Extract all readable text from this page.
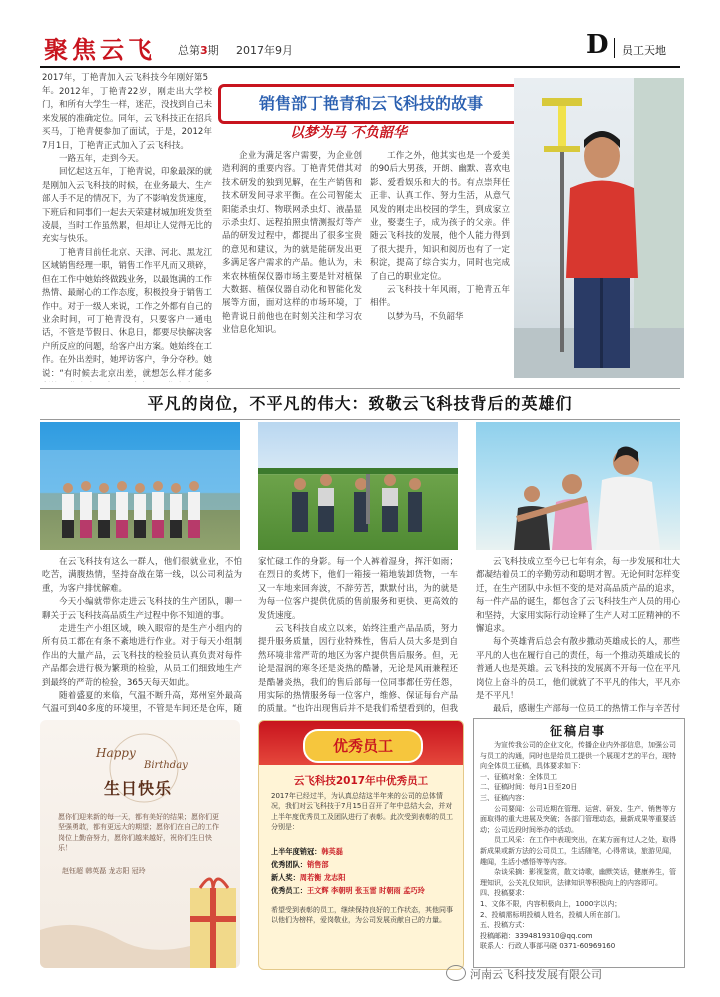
聚焦云飞 总第3期 2017年9月	D 员工天地

2017年，丁艳青加入云飞科技今年刚好第5年。

销售部丁艳青和云飞科技的故事
以梦为马 不负韶华

2012年，丁艳青22岁，刚走出大学校门，和所有大学生一样，迷茫，没找到自己未来发展的准确定位。同年，云飞科技正在招兵买马，丁艳青便参加了面试，于是，2012年7月1日，丁艳青正式加入了云飞科技。

一路五年，走到今天。

回忆起这五年，丁艳青说，印象最深的就是刚加入云飞科技的时候，在业务最大、生产部人手不足的情况下，为了不影响发货速度，下班后和同事们一起去天荣建材城加班发货至凌晨，当时工作虽然累，但却让人觉得无比的充实与快乐。

丁艳青目前任北京、天津、河北、黑龙江区域销售经理一职，销售工作平凡而又琐碎，但在工作中她始终做践业务，以最饱满的工作热情、最耐心的工作态度，积极投身于销售工作中。对于一级人来说，工作之外都有自己的业余时间，可丁艳青没有，只要客户一通电话，不管是节假日、休息日，都要尽快解决客户所反应的问题，给客户出方案。她始终在工作。在外出差时，她坪访客户，争分夺秒。她说：“有时候去北京出差，就想怎么样才能多

企业为满足客户需要，为企业创造利润的重要内容。丁艳青凭借其对技术研发的独到见解，在生产销售和技术研发间寻求平衡。在公司智能太阳能杀虫灯、物联网杀虫灯、液晶显示杀虫灯、远程拍照虫情测报灯等产品的研发过程中，都提出了很多宝贵的意见和建议，为的就是能研发出更多满足客户需求的产品。他认为，未来农林植保仪器市场主要是针对植保大数据、植保仪器自动化和智能化发展等方面，面对这样的市场环境，丁艳青说日前他也在时刻关注和学习农业信息化知识。

工作之外，他其实也是一个爱美的90后大男孩，开朗、幽默、喜欢电影、爱看娱乐和大的书。有点崇拜任正非、认真工作、努力生活，从意气风发的刚走出校园的学生，到成家立业，娶妻生子，成为孩子的父亲。伴随云飞科技的发展，他个人能力得到了很大提升，知识和阅历也有了一定积淀，提高了综合实力，同时也完成了自己的职业定位。

云飞科技十年风雨，丁艳青五年相伴。

以梦为马，不负韶华

平凡的岗位，不平凡的伟大：致敬云飞科技背后的英雄们

在云飞科技有这么一群人，他们很就业业，不怕吃苦，满腹热情，坚持奋战在第一线，以公司利益为重，为客户排忧解难。

今天小编就带你走进云飞科技的生产团队，聊一聊关于云飞科技高品质生产过程中你不知道的事。

走进生产小组区域，映入眼帘的是生产小组内的所有员工都在有条不紊地进行作业。对于每天小组制作出的大量产品，云飞科技的检验员认真负责对每件产品都会进行极为繁琐的检验，从员工们细致地生产到最终的严苛的检验，365天每天如此。

随着盛夏的来临，气温不断升高，郑州室外最高气温可到40多度的环境里，不管是车间还是仓库，随

家忙碌工作的身影。每一个人裤着湿身，挥汗如雨；在烈日的炙烤下，他们一箱接一箱地装卸货物，一车又一车地来回奔波，不辞劳苦，默默付出，为的就是为每一位客户提供优质的售前服务和更快、更高效的发货速度。

云飞科技自成立以来，始终注重产品品质，努力提升服务质量，因行业特殊性，售后人员大多是到自然环境非常严苛的地区为客户提供售后服务。但，无论是湿润的寒冬还是炎热的酷暑，无论是风雨兼程还是酷暑炎热，我们的售后部每一位同事都任劳任怨，用实际的热情服务每一位客户，维修、保证每台产品的质量。“也许出现售后并不是我们希望看到的，但我

云飞科技成立至今已七年有余，每一步发展和壮大都凝结着员工的辛勤劳动和聪明才智。无论何时怎样变迁，在生产团队中永恒不变的是对高品质产品的追求，每一件产品的诞生，都包含了云飞科技生产人员的用心和坚持，大家用实际行动诠释了生产人对工匠精神的不懈追求。

每个英雄背后总会有散步撒动英雄成长的人，那些平凡的人也在履行自己的责任，每一个推动英雄成长的普通人也是英雄。云飞科技的发展离不开每一位在平凡岗位上奋斗的员工，他们就就了不平凡的伟大，平凡亦是不平凡！

最后，感谢生产部每一位员工的热情工作与辛苦付

Happy
Birthday
生日快乐
愿你们迎来新的每一天，都有美好的结果；愿你们更坚强勇敢，都有更远大的期望；愿你们在自己的工作岗位上勤奋努力，愿你们越来越好，祝你们生日快乐！
赵钰超 韩英磊 龙志阳 冠玲
优秀员工
云飞科技2017年中优秀员工
2017年已经过半，为认真总结这半年来的公司的总体情况，我们对云飞科技于7月15日召开了年中总结大会，并对上半年度优秀员工及团队进行了表彰。此次受到表彰的员工分别是：
上半年度销冠：韩英磊
优秀团队：销售部
新人奖：周若衡 龙志阳
优秀员工：王文辉 李朝明 张玉雷 时朝雨 孟巧玲
希望受到表彰的员工，继续保持良好的工作状态，其他同事以他们为榜样，爱岗敬业，为公司发展贡献自己的力量。
征稿启事
为宣传我公司的企业文化，传播企业内外部信息，加强公司与员工的沟通，同时也是给员工提供一个展现才艺的平台，现特向全体员工征稿，具体要求如下：
一、征稿对象：全体员工
二、征稿时间：每月1日至20日
三、征稿内容：
公司要闻：公司近期在管理、运营、研发、生产、销售等方面取得的重大进展及突破；各部门管理动态，最新成果等重要活动；公司近段时间举办的活动。
员工风采：在工作中表现突出，在某方面有过人之处，取得新成果或新方法的公司员工，生活随笔，心得常谈，旅游见闻，趣闻，生活小感悟等等内容。
杂谈采摘：影视鉴赏，散文诗歌，幽默笑话，健康养生，管理知识，公关礼仪知识，法律知识等积极向上的内容即可。
四、投稿要求：
1、文体不限，内容积极向上，1000字以内；
2、投稿需标明投稿人姓名，投稿人所在部门。
五、投稿方式：
投稿邮箱：3394819310@qq.com
联系人：行政人事部马晓 0371-60969160
河南云飞科技发展有限公司
